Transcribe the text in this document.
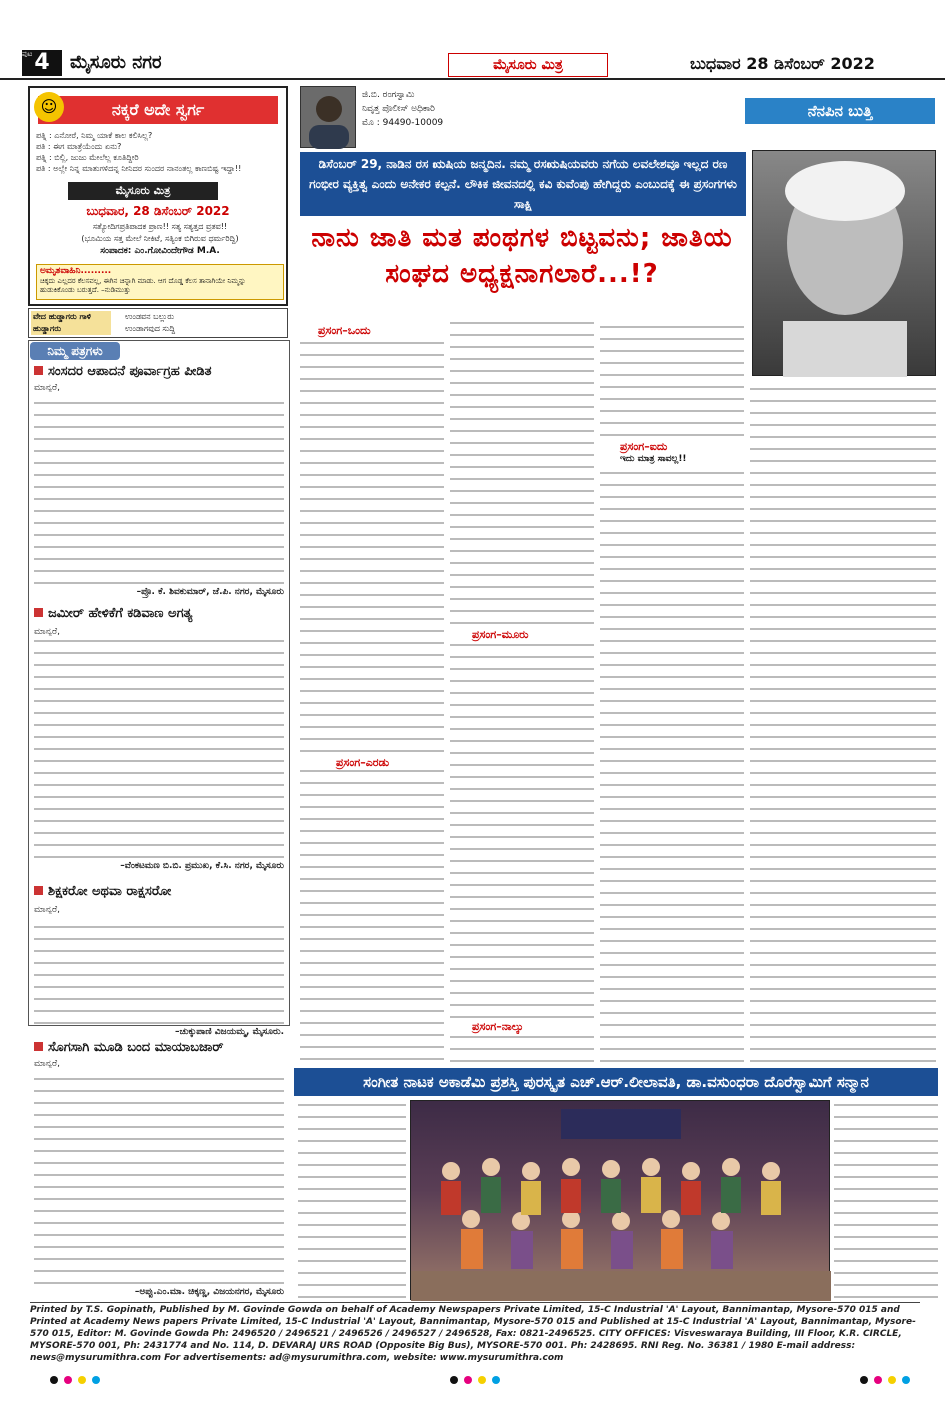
4
ಪುಟ ಮೈಸೂರು ನಗರ	ಮೈಸೂರು ಮಿತ್ರ	ಬುಧವಾರ 28 ಡಿಸೆಂಬರ್ 2022
☺	ನಕ್ಕರೆ ಅದೇ ಸ್ವರ್ಗ
ಪತ್ನಿ : ಎನೋರೆ, ನಿಮ್ಮ ಯಾಕೆ ಕಾಲ ಕಲಿಸಿಲ್ಲ?
ಪತಿ : ಈಗ ಮಾತ್ರೆಯೆಂದು ಏನು?
ಪತ್ನಿ : ಬಿಲ್ಲಿ, ಜುಜು ಮೇಲೆಲ್ಲ ಕೂತಿದ್ದೀರಿ
ಪತಿ : ಅಲ್ಲೇ ನಿನ್ನ ಮಾತುಗಳಿದನ್ನ ನೀನಿದರ ಸುಂದರ ನಾನಂತಲ್ಲ ಕಾಣಬಿಷ್ಟ ಇದ್ದಾ!!
ಮೈಸೂರು ಮಿತ್ರ
ಬುಧವಾರ, 28 ಡಿಸೆಂಬರ್ 2022
ಸತ್ಯೋದಿಗಪ್ರತಿಪಾದಕ ಪ್ರಾಣ!! ಸತ್ಯ ಸತ್ಯತ್ತದ ವ್ರತವ!!
(ಭೂಮಿಯ ಸತ್ತ ಮೇಲೆ ನೀಕಿಟೆ, ಸತ್ಯಿಂಕ ಬಿಗಿರುವ ಧರ್ಮರಿದ್ದಿ)
ಸಂಪಾದಕ: ಎಂ.ಗೋವಿಂದೇಗೌಡ M.A.
ಅಮೃತವಾಹಿನಿ.........
ಚಿಕ್ಕದು ಎಲ್ಲದರ ಕೆಲಸವಲ್ಲ, ಈಗಿನ ಚಿನ್ನಾಗಿ ಮಾಡು. ಆಗ ದೊಡ್ಡ ಕೆಲಸ ತಾನಾಗಿಯೇ ನಿಮ್ಮನ್ನು ಹುಡುಕಿಕೊಂಡು ಬರುತ್ತದೆ. –ನುಡಿಮುತ್ತು
ವೇದ ಹುಡ್ಡಾಗರು ಗಾಳಿ ಹುಡ್ಡಾಗರು
ಉಂಡವನ ಬಲ್ಲುರು
ಉಂಡಾಗವುದ ಸುದ್ದಿ
ನಿಮ್ಮ ಪತ್ರಗಳು
ಸಂಸದರ ಆಪಾದನೆ ಪೂರ್ವಾಗ್ರಹ ಪೀಡಿತ
ಮಾನ್ಯರೆ,
–ಪ್ರೊ. ಕೆ. ಶಿವಕುಮಾರ್, ಜೆ.ಪಿ. ನಗರ, ಮೈಸೂರು
ಜಮೀರ್ ಹೇಳಿಕೆಗೆ ಕಡಿವಾಣ ಅಗತ್ಯ
ಮಾನ್ಯರೆ,
–ವೆಂಕಟಮಣ ಬಿ.ಬಿ. ಪ್ರಮುಖ, ಕೆ.ಸಿ. ನಗರ, ಮೈಸೂರು
ಶಿಕ್ಷಕರೋ ಅಥವಾ ರಾಕ್ಷಸರೋ
ಮಾನ್ಯರೆ,
–ಚುಕ್ಕುಪಾಣಿ ವಿಜಯಮ್ಮ, ಮೈಸೂರು.
ಸೊಗಸಾಗಿ ಮೂಡಿ ಬಂದ ಮಾಯಾಬಜಾರ್
ಮಾನ್ಯರೆ,
–ಅಪ್ಪು.ಎಂ.ಮಾ. ಚಿಕ್ಕಣ್ಣ, ವಿಜಯನಗರ, ಮೈಸೂರು
ಜಿ.ಬಿ. ರಂಗಸ್ವಾಮಿ
ನಿವೃತ್ತ ಪೊಲೀಸ್ ಅಧಿಕಾರಿ
ಮೊ : 94490-10009
ನೆನಪಿನ ಬುತ್ತಿ
ಡಿಸೆಂಬರ್ 29, ನಾಡಿನ ರಸ ಋಷಿಯ ಜನ್ಮದಿನ. ನಮ್ಮ ರಸಋಷಿಯವರು ನಗೆಯ ಲವಲೇಶವೂ ಇಲ್ಲದ ರಣ ಗಂಭೀರ ವ್ಯಕ್ತಿತ್ವ ಎಂದು ಅನೇಕರ ಕಲ್ಪನೆ. ಲೌಕಿಕ ಜೀವನದಲ್ಲಿ ಕವಿ ಕುವೆಂಪು ಹೇಗಿದ್ದರು ಎಂಬುದಕ್ಕೆ ಈ ಪ್ರಸಂಗಗಳು ಸಾಕ್ಷಿ
ನಾನು ಜಾತಿ ಮತ ಪಂಥಗಳ ಬಿಟ್ಟವನು; ಜಾತಿಯ ಸಂಘದ ಅಧ್ಯಕ್ಷನಾಗಲಾರೆ...!?
ಪ್ರಸಂಗ–ಒಂದು
ಪ್ರಸಂಗ–ಎರಡು
ಪ್ರಸಂಗ–ಮೂರು
ಪ್ರಸಂಗ–ನಾಲ್ಕು
ಪ್ರಸಂಗ–ಐದು
ಇದು ಮಾತ್ರ ಸಾವಲ್ಲ!!
ಸಂಗೀತ ನಾಟಕ ಅಕಾಡೆಮಿ ಪ್ರಶಸ್ತಿ ಪುರಸ್ಕೃತ ಎಚ್.ಆರ್.ಲೀಲಾವತಿ, ಡಾ.ವಸುಂಧರಾ ದೊರೆಸ್ವಾಮಿಗೆ ಸನ್ಮಾನ
Printed by T.S. Gopinath, Published by M. Govinde Gowda on behalf of Academy Newspapers Private Limited, 15-C Industrial 'A' Layout, Bannimantap, Mysore-570 015 and Printed at Academy News papers Private Limited, 15-C Industrial 'A' Layout, Bannimantap, Mysore-570 015 and Published at 15-C Industrial 'A' Layout, Bannimantap, Mysore-570 015, Editor: M. Govinde Gowda Ph: 2496520 / 2496521 / 2496526 / 2496527 / 2496528, Fax: 0821-2496525. CITY OFFICES: Visveswaraya Building, III Floor, K.R. CIRCLE, MYSORE-570 001, Ph: 2431774 and No. 114, D. DEVARAJ URS ROAD (Opposite Big Bus), MYSORE-570 001. Ph: 2428695. RNI Reg. No. 36381 / 1980 E-mail address: news@mysurumithra.com For advertisements: ad@mysurumithra.com, website: www.mysurumithra.com
